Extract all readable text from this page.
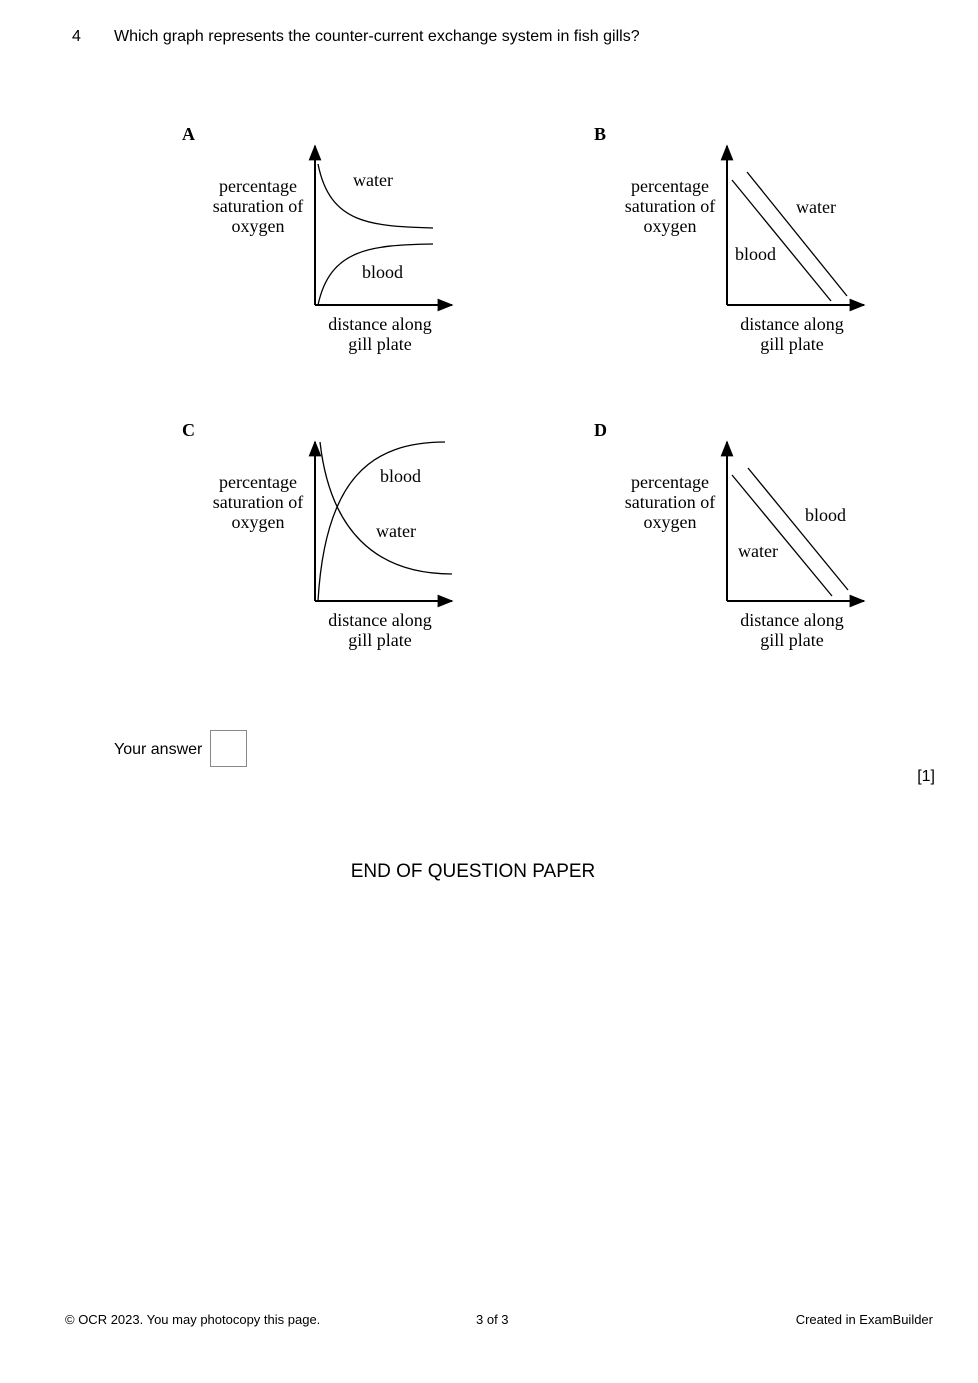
4 Which graph represents the counter-current exchange system in fish gills?
A
percentage
saturation of
oxygen
distance along
gill plate
water
blood
B
percentage
saturation of
oxygen
distance along
gill plate
water
blood
C
percentage
saturation of
oxygen
distance along
gill plate
blood
water
D
percentage
saturation of
oxygen
distance along
gill plate
blood
water
Your answer
[1]
END OF QUESTION PAPER
© OCR 2023. You may photocopy this page.	3 of 3	Created in ExamBuilder
